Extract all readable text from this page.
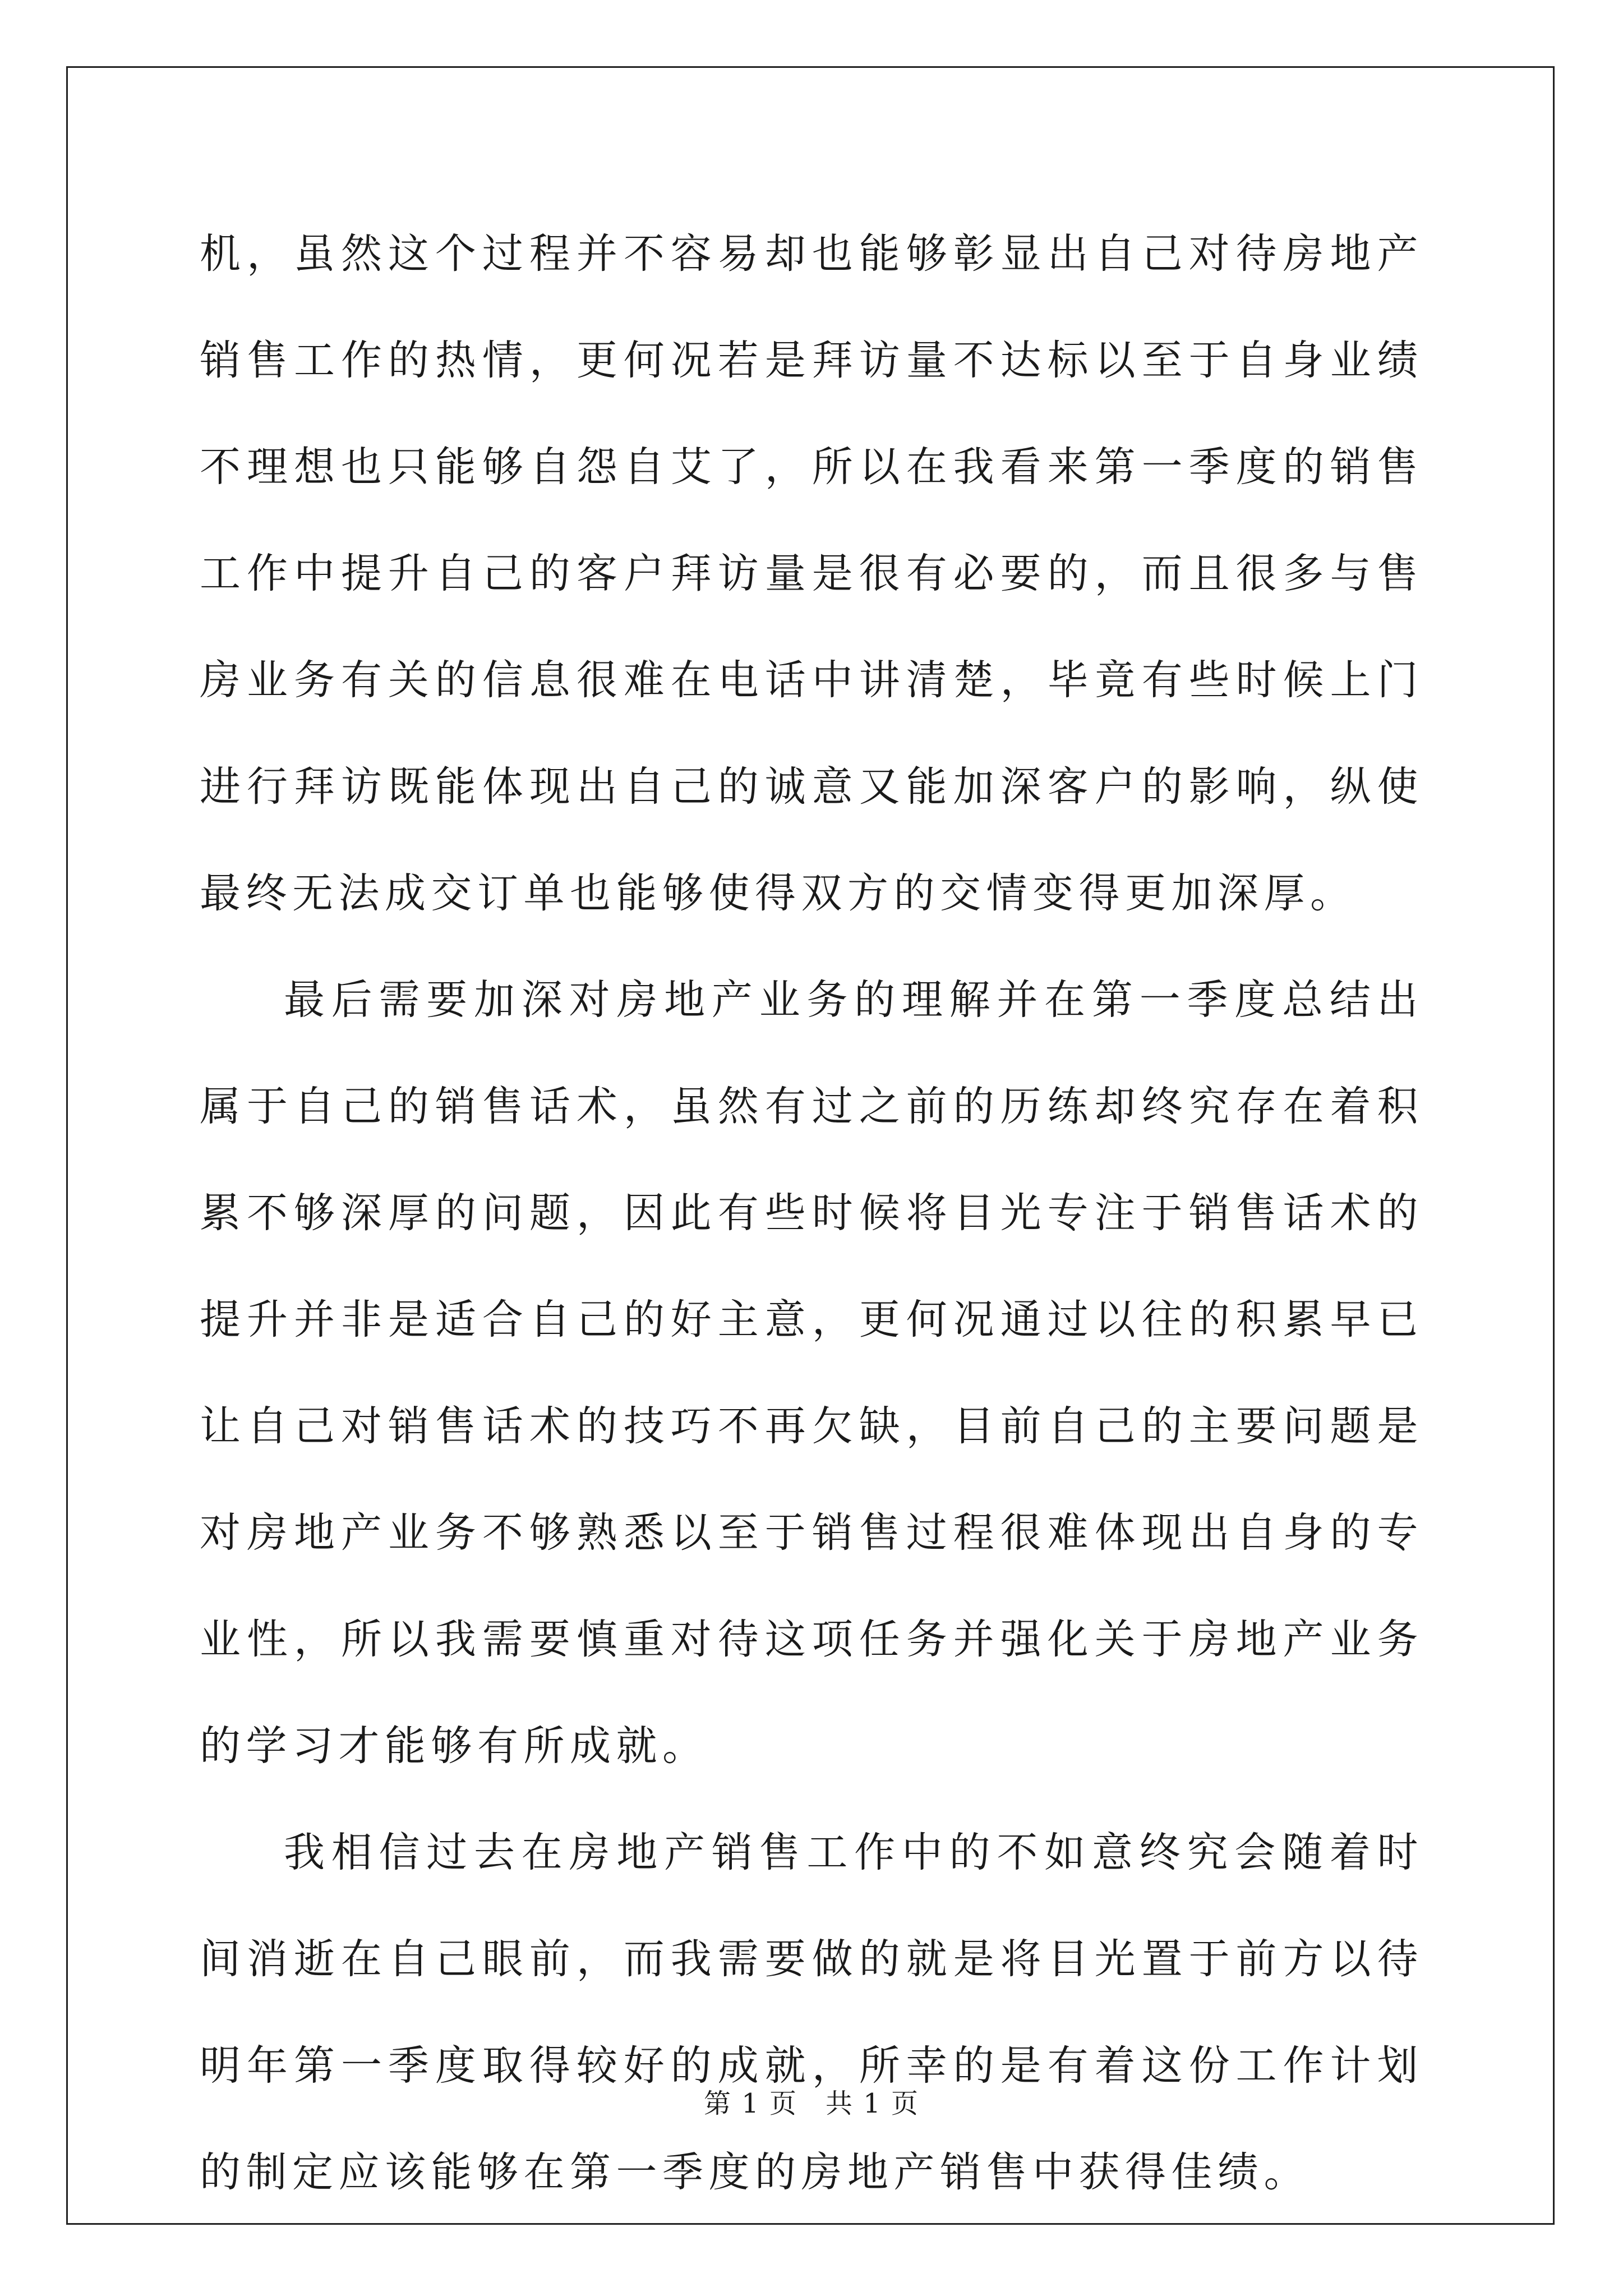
机，虽然这个过程并不容易却也能够彰显出自己对待房地产销售工作的热情，更何况若是拜访量不达标以至于自身业绩不理想也只能够自怨自艾了，所以在我看来第一季度的销售工作中提升自己的客户拜访量是很有必要的，而且很多与售房业务有关的信息很难在电话中讲清楚，毕竟有些时候上门进行拜访既能体现出自己的诚意又能加深客户的影响，纵使最终无法成交订单也能够使得双方的交情变得更加深厚。

最后需要加深对房地产业务的理解并在第一季度总结出属于自己的销售话术，虽然有过之前的历练却终究存在着积累不够深厚的问题，因此有些时候将目光专注于销售话术的提升并非是适合自己的好主意，更何况通过以往的积累早已让自己对销售话术的技巧不再欠缺，目前自己的主要问题是对房地产业务不够熟悉以至于销售过程很难体现出自身的专业性，所以我需要慎重对待这项任务并强化关于房地产业务的学习才能够有所成就。

我相信过去在房地产销售工作中的不如意终究会随着时间消逝在自己眼前，而我需要做的就是将目光置于前方以待明年第一季度取得较好的成就，所幸的是有着这份工作计划的制定应该能够在第一季度的房地产销售中获得佳绩。

第 1 页　共 1 页
